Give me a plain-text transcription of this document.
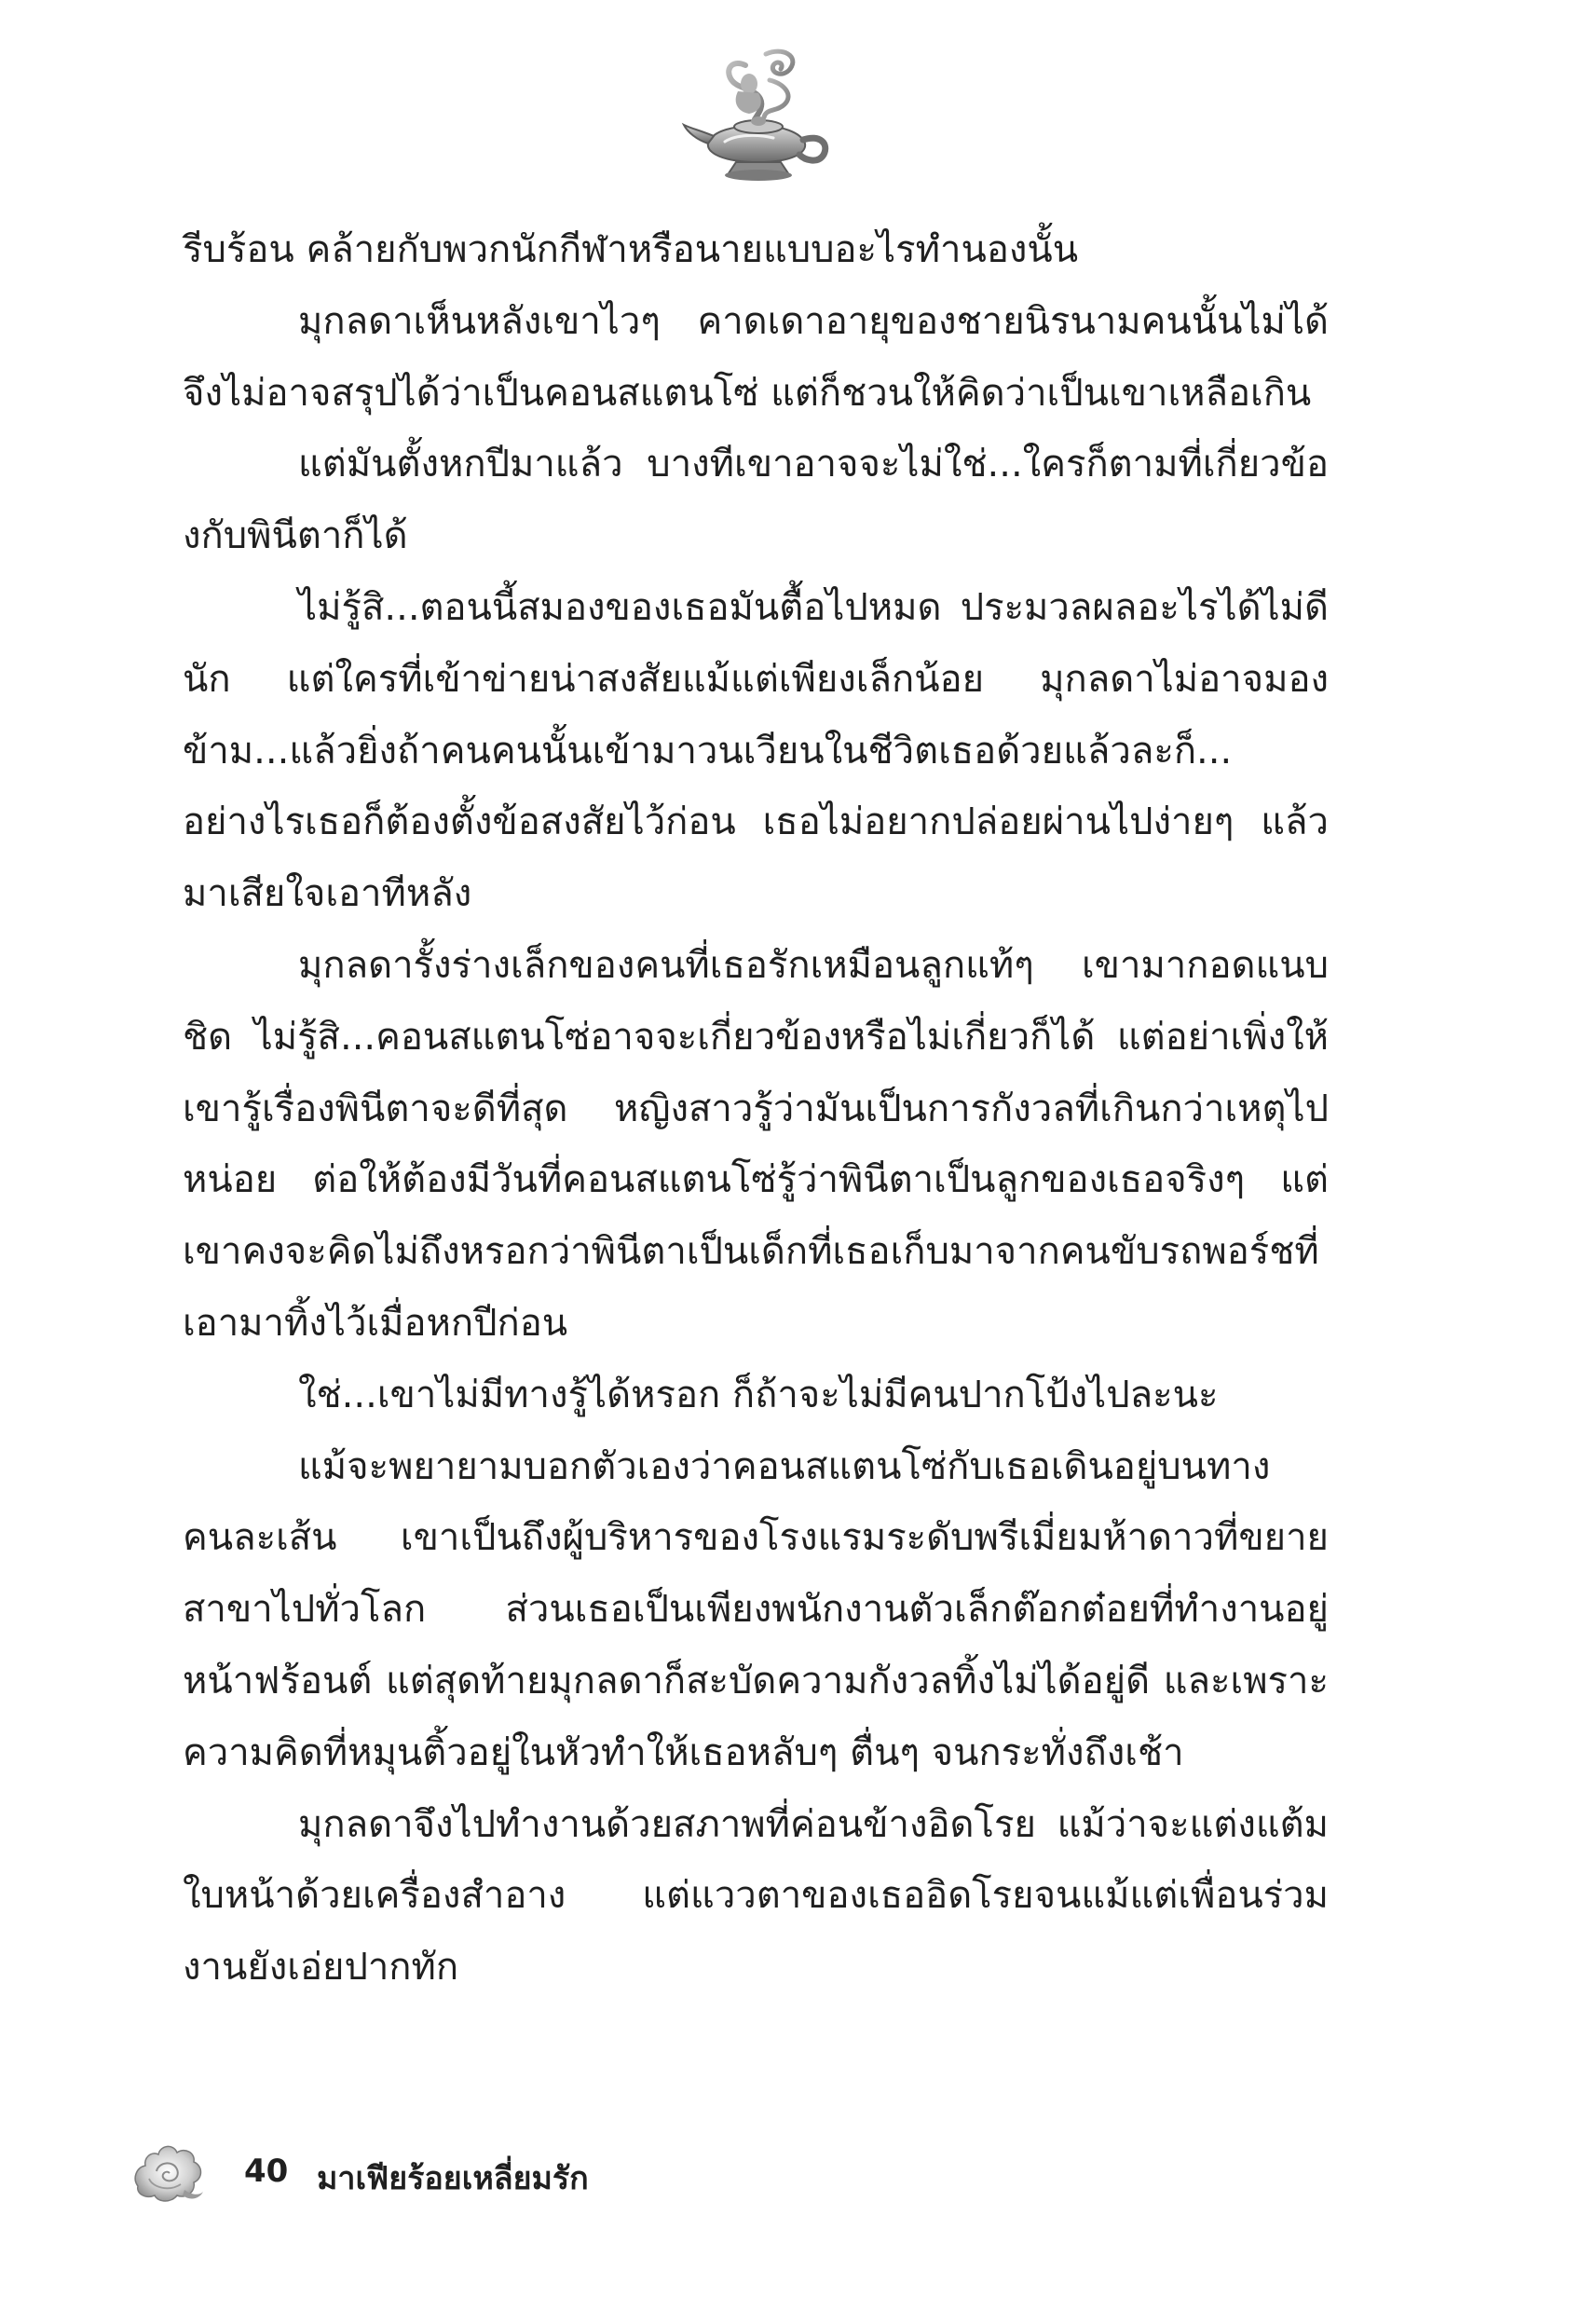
รีบร้อน คล้ายกับพวกนักกีฬาหรือนายแบบอะไรทำนองนั้น

มุกลดาเห็นหลังเขาไวๆ คาดเดาอายุของชายนิรนามคนนั้นไม่ได้ จึงไม่อาจสรุปได้ว่าเป็นคอนสแตนโซ่ แต่ก็ชวนให้คิดว่าเป็นเขาเหลือเกิน

แต่มันตั้งหกปีมาแล้ว บางทีเขาอาจจะไม่ใช่...ใครก็ตามที่เกี่ยวข้องกับพินีตาก็ได้

ไม่รู้สิ...ตอนนี้สมองของเธอมันตื้อไปหมด ประมวลผลอะไรได้ไม่ดีนัก แต่ใครที่เข้าข่ายน่าสงสัยแม้แต่เพียงเล็กน้อย มุกลดาไม่อาจมองข้าม...แล้วยิ่งถ้าคนคนนั้นเข้ามาวนเวียนในชีวิตเธอด้วยแล้วละก็... อย่างไรเธอก็ต้องตั้งข้อสงสัยไว้ก่อน เธอไม่อยากปล่อยผ่านไปง่ายๆ แล้วมาเสียใจเอาทีหลัง

มุกลดารั้งร่างเล็กของคนที่เธอรักเหมือนลูกแท้ๆ เขามากอดแนบชิด ไม่รู้สิ...คอนสแตนโซ่อาจจะเกี่ยวข้องหรือไม่เกี่ยวก็ได้ แต่อย่าเพิ่งให้เขารู้เรื่องพินีตาจะดีที่สุด หญิงสาวรู้ว่ามันเป็นการกังวลที่เกินกว่าเหตุไปหน่อย ต่อให้ต้องมีวันที่คอนสแตนโซ่รู้ว่าพินีตาเป็นลูกของเธอจริงๆ แต่เขาคงจะคิดไม่ถึงหรอกว่าพินีตาเป็นเด็กที่เธอเก็บมาจากคนขับรถพอร์ชที่เอามาทิ้งไว้เมื่อหกปีก่อน

ใช่...เขาไม่มีทางรู้ได้หรอก ก็ถ้าจะไม่มีคนปากโป้งไปละนะ

แม้จะพยายามบอกตัวเองว่าคอนสแตนโซ่กับเธอเดินอยู่บนทางคนละเส้น เขาเป็นถึงผู้บริหารของโรงแรมระดับพรีเมี่ยมห้าดาวที่ขยายสาขาไปทั่วโลก ส่วนเธอเป็นเพียงพนักงานตัวเล็กต๊อกต๋อยที่ทำงานอยู่หน้าฟร้อนต์ แต่สุดท้ายมุกลดาก็สะบัดความกังวลทิ้งไม่ได้อยู่ดี และเพราะความคิดที่หมุนติ้วอยู่ในหัวทำให้เธอหลับๆ ตื่นๆ จนกระทั่งถึงเช้า

มุกลดาจึงไปทำงานด้วยสภาพที่ค่อนข้างอิดโรย แม้ว่าจะแต่งแต้มใบหน้าด้วยเครื่องสำอาง แต่แววตาของเธออิดโรยจนแม้แต่เพื่อนร่วมงานยังเอ่ยปากทัก

40 มาเฟียร้อยเหลี่ยมรัก
